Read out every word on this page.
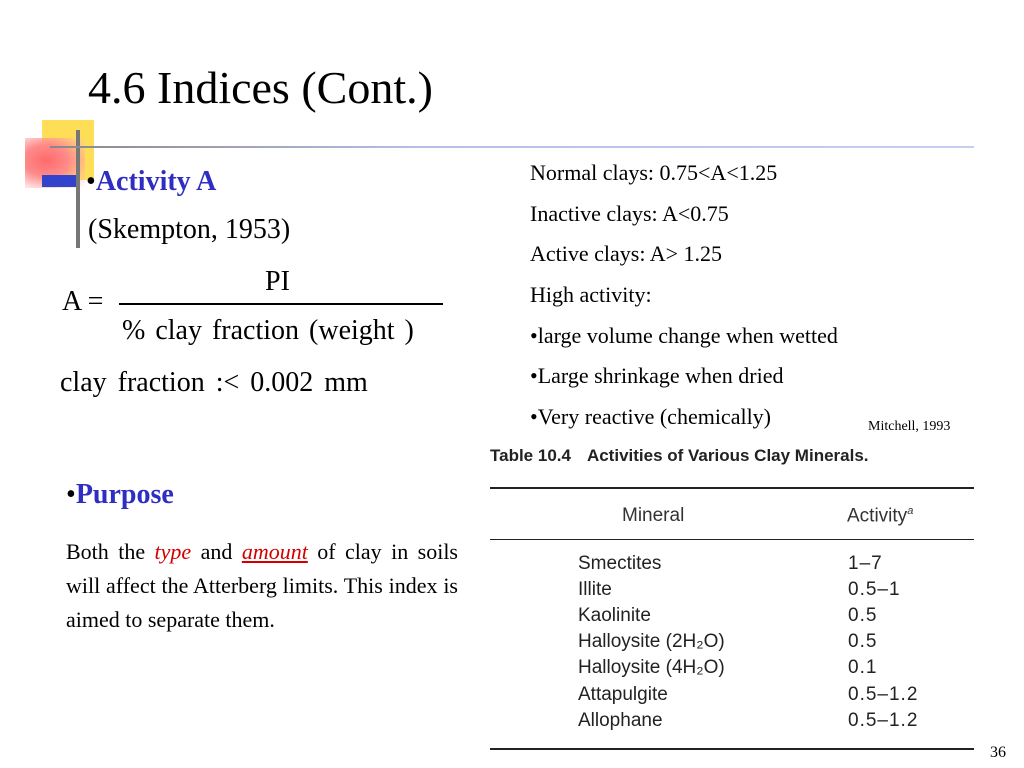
4.6 Indices (Cont.)
•Activity A
(Skempton, 1953)
A =
PI
% clay fraction (weight )
clay fraction :< 0.002 mm
•Purpose
Both the type and amount of clay in soils will affect the Atterberg limits. This index is aimed to separate them.
Normal clays: 0.75<A<1.25
Inactive clays: A<0.75
Active clays: A> 1.25
High activity:
•large volume change when wetted
•Large shrinkage when dried
•Very reactive (chemically)	Mitchell, 1993
Table 10.4 Activities of Various Clay Minerals.
Mineral	Activity$^a$
Smectites	1–7
Illite	0.5–1
Kaolinite	0.5
Halloysite (2H₂O)	0.5
Halloysite (4H₂O)	0.1
Attapulgite	0.5–1.2
Allophane	0.5–1.2
36
